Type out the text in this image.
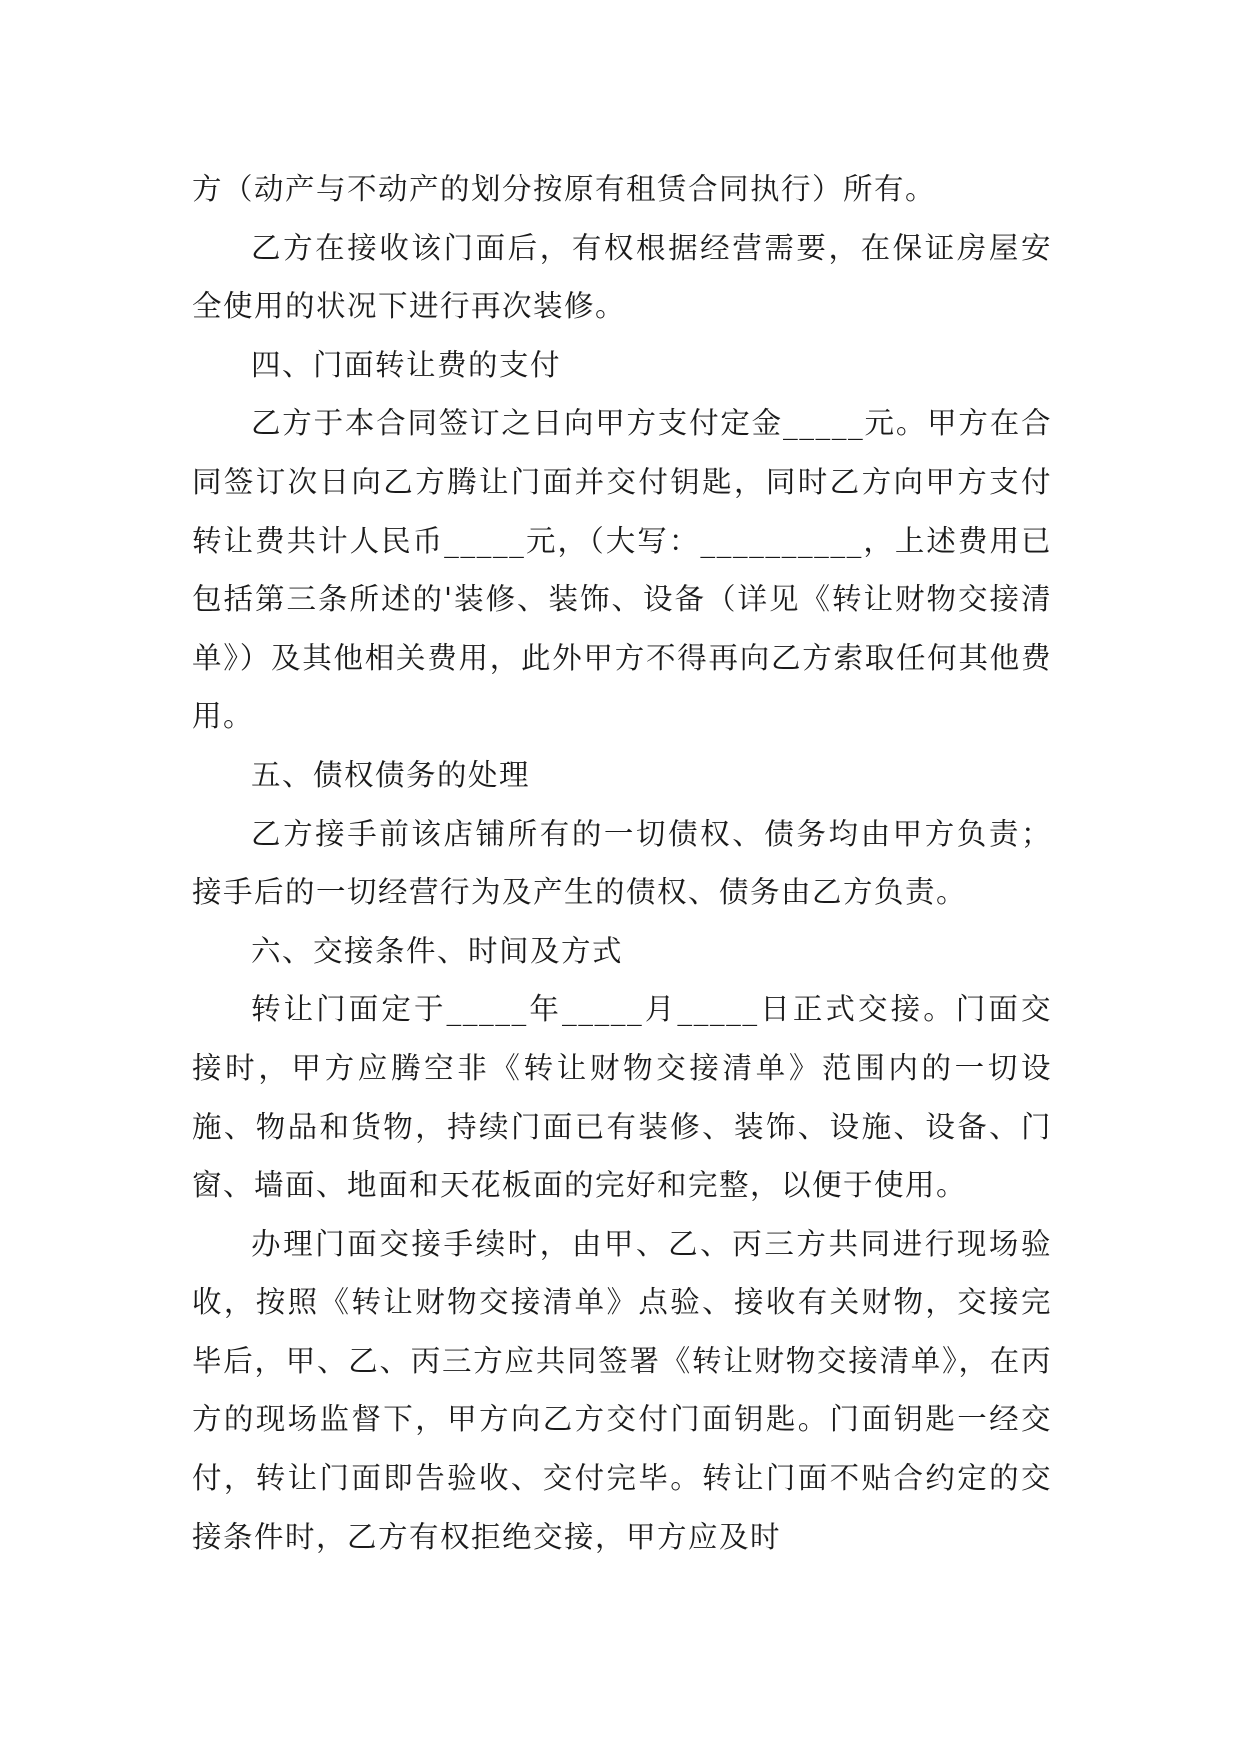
方（动产与不动产的划分按原有租赁合同执行）所有。

乙方在接收该门面后，有权根据经营需要，在保证房屋安全使用的状况下进行再次装修。

四、门面转让费的支付

乙方于本合同签订之日向甲方支付定金_____元。甲方在合同签订次日向乙方腾让门面并交付钥匙，同时乙方向甲方支付转让费共计人民币_____元，（大写：__________，上述费用已包括第三条所述的'装修、装饰、设备（详见《转让财物交接清单》）及其他相关费用，此外甲方不得再向乙方索取任何其他费用。

五、债权债务的处理

乙方接手前该店铺所有的一切债权、债务均由甲方负责；接手后的一切经营行为及产生的债权、债务由乙方负责。

六、交接条件、时间及方式

转让门面定于_____年_____月_____日正式交接。门面交接时，甲方应腾空非《转让财物交接清单》范围内的一切设施、物品和货物，持续门面已有装修、装饰、设施、设备、门窗、墙面、地面和天花板面的完好和完整，以便于使用。

办理门面交接手续时，由甲、乙、丙三方共同进行现场验收，按照《转让财物交接清单》点验、接收有关财物，交接完毕后，甲、乙、丙三方应共同签署《转让财物交接清单》，在丙方的现场监督下，甲方向乙方交付门面钥匙。门面钥匙一经交付，转让门面即告验收、交付完毕。转让门面不贴合约定的交接条件时，乙方有权拒绝交接，甲方应及时
